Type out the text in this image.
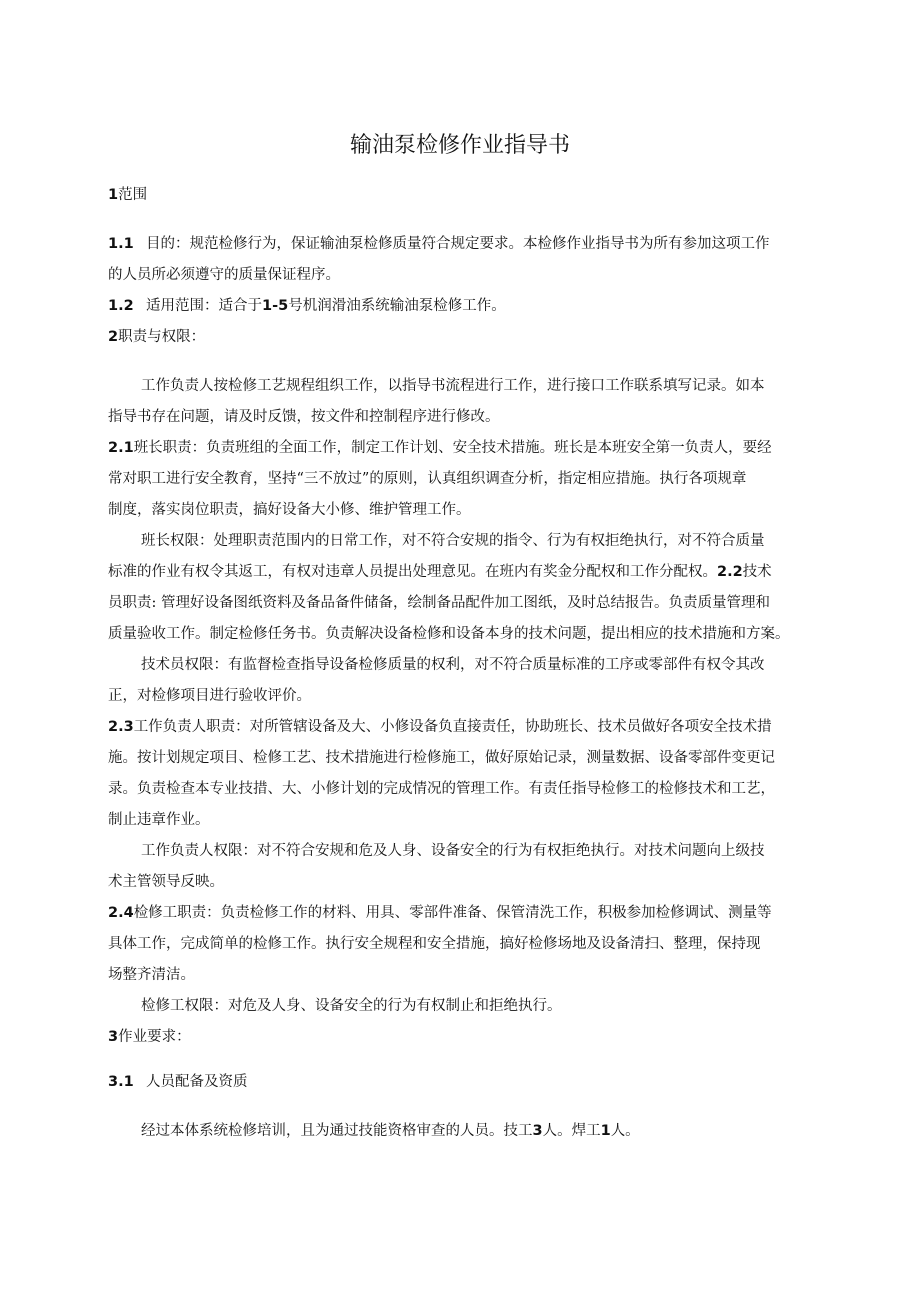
输油泵检修作业指导书

1范围

1.1 目的：规范检修行为，保证输油泵检修质量符合规定要求。本检修作业指导书为所有参加这项工作

的人员所必须遵守的质量保证程序。

1.2 适用范围：适合于1-5号机润滑油系统输油泵检修工作。

2职责与权限：

工作负责人按检修工艺规程组织工作，以指导书流程进行工作，进行接口工作联系填写记录。如本

指导书存在问题，请及时反馈，按文件和控制程序进行修改。

2.1班长职责：负责班组的全面工作，制定工作计划、安全技术措施。班长是本班安全第一负责人，要经

常对职工进行安全教育，坚持“三不放过”的原则，认真组织调查分析，指定相应措施。执行各项规章

制度，落实岗位职责，搞好设备大小修、维护管理工作。

班长权限：处理职责范围内的日常工作，对不符合安规的指令、行为有权拒绝执行，对不符合质量

标准的作业有权令其返工，有权对违章人员提出处理意见。在班内有奖金分配权和工作分配权。2.2技术

员职责: 管理好设备图纸资料及备品备件储备，绘制备品配件加工图纸，及时总结报告。负责质量管理和

质量验收工作。制定检修任务书。负责解决设备检修和设备本身的技术问题，提出相应的技术措施和方案。

技术员权限：有监督检查指导设备检修质量的权利，对不符合质量标准的工序或零部件有权令其改

正，对检修项目进行验收评价。

2.3工作负责人职责：对所管辖设备及大、小修设备负直接责任，协助班长、技术员做好各项安全技术措

施。按计划规定项目、检修工艺、技术措施进行检修施工，做好原始记录，测量数据、设备零部件变更记

录。负责检查本专业技措、大、小修计划的完成情况的管理工作。有责任指导检修工的检修技术和工艺，

制止违章作业。

工作负责人权限：对不符合安规和危及人身、设备安全的行为有权拒绝执行。对技术问题向上级技

术主管领导反映。

2.4检修工职责：负责检修工作的材料、用具、零部件准备、保管清洗工作，积极参加检修调试、测量等

具体工作，完成简单的检修工作。执行安全规程和安全措施，搞好检修场地及设备清扫、整理，保持现

场整齐清洁。

检修工权限：对危及人身、设备安全的行为有权制止和拒绝执行。

3作业要求：

3.1 人员配备及资质

经过本体系统检修培训，且为通过技能资格审查的人员。技工3人。焊工1人。
